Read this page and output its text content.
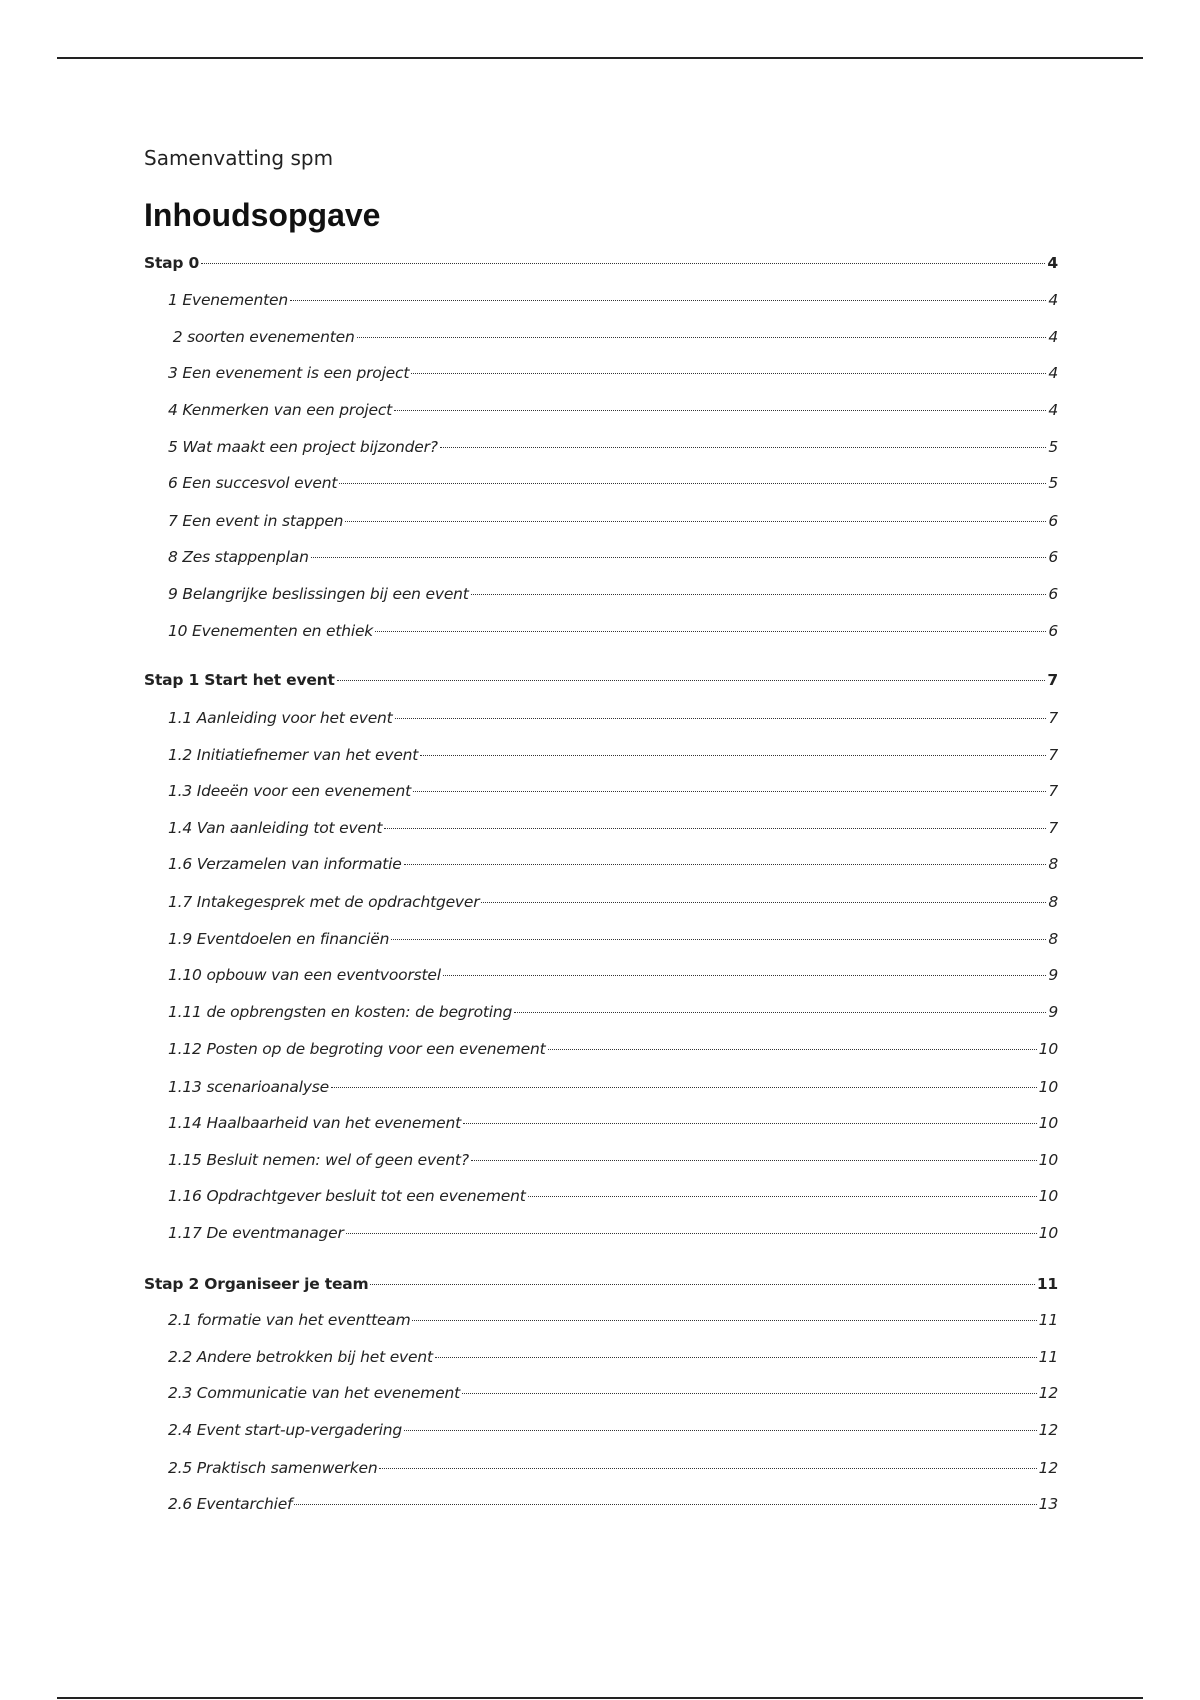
Samenvatting spm
Inhoudsopgave
Stap 0	4
1 Evenementen	4
2 soorten evenementen	4
3 Een evenement is een project	4
4 Kenmerken van een project	4
5 Wat maakt een project bijzonder?	5
6 Een succesvol event	5
7 Een event in stappen	6
8 Zes stappenplan	6
9 Belangrijke beslissingen bij een event	6
10 Evenementen en ethiek	6
Stap 1 Start het event	7
1.1 Aanleiding voor het event	7
1.2 Initiatiefnemer van het event	7
1.3 Ideeën voor een evenement	7
1.4 Van aanleiding tot event	7
1.6 Verzamelen van informatie	8
1.7 Intakegesprek met de opdrachtgever	8
1.9 Eventdoelen en financiën	8
1.10 opbouw van een eventvoorstel	9
1.11 de opbrengsten en kosten: de begroting	9
1.12 Posten op de begroting voor een evenement	10
1.13 scenarioanalyse	10
1.14 Haalbaarheid van het evenement	10
1.15 Besluit nemen: wel of geen event?	10
1.16 Opdrachtgever besluit tot een evenement	10
1.17 De eventmanager	10
Stap 2 Organiseer je team	11
2.1 formatie van het eventteam	11
2.2 Andere betrokken bij het event	11
2.3 Communicatie van het evenement	12
2.4 Event start-up-vergadering	12
2.5 Praktisch samenwerken	12
2.6 Eventarchief	13
